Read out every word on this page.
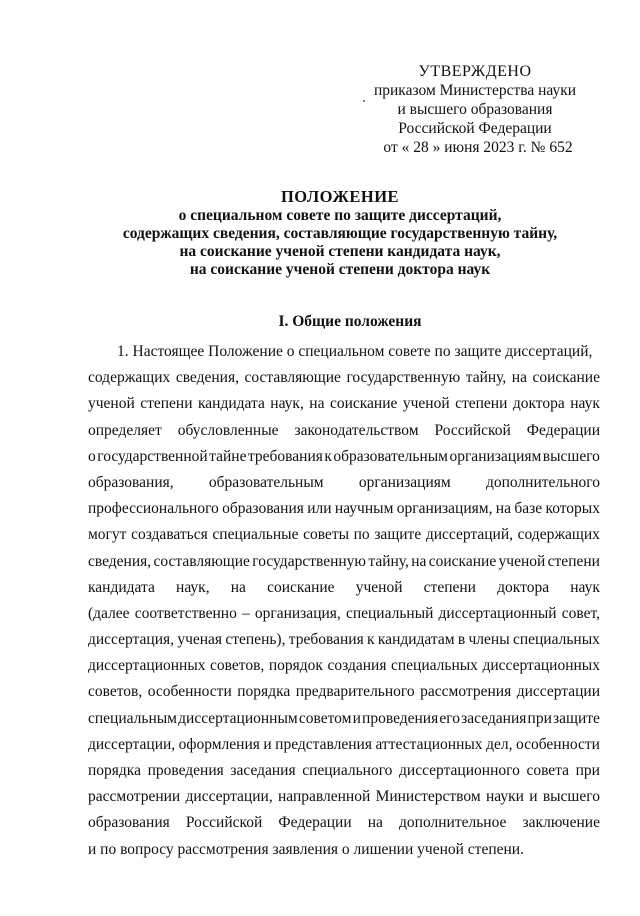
УТВЕРЖДЕНО
приказом Министерства науки
и высшего образования
Российской Федерации
от « 28 » июня 2023 г. № 652
ПОЛОЖЕНИЕ
о специальном совете по защите диссертаций,
содержащих сведения, составляющие государственную тайну,
на соискание ученой степени кандидата наук,
на соискание ученой степени доктора наук
I. Общие положения
1. Настоящее Положение о специальном совете по защите диссертаций,
содержащих сведения, составляющие государственную тайну, на соискание
ученой степени кандидата наук, на соискание ученой степени доктора наук
определяет обусловленные законодательством Российской Федерации
о государственной тайне требования к образовательным организациям высшего
образования, образовательным организациям дополнительного
профессионального образования или научным организациям, на базе которых
могут создаваться специальные советы по защите диссертаций, содержащих
сведения, составляющие государственную тайну, на соискание ученой степени
кандидата наук, на соискание ученой степени доктора наук
(далее соответственно – организация, специальный диссертационный совет,
диссертация, ученая степень), требования к кандидатам в члены специальных
диссертационных советов, порядок создания специальных диссертационных
советов, особенности порядка предварительного рассмотрения диссертации
специальным диссертационным советом и проведения его заседания при защите
диссертации, оформления и представления аттестационных дел, особенности
порядка проведения заседания специального диссертационного совета при
рассмотрении диссертации, направленной Министерством науки и высшего
образования Российской Федерации на дополнительное заключение
и по вопросу рассмотрения заявления о лишении ученой степени.
